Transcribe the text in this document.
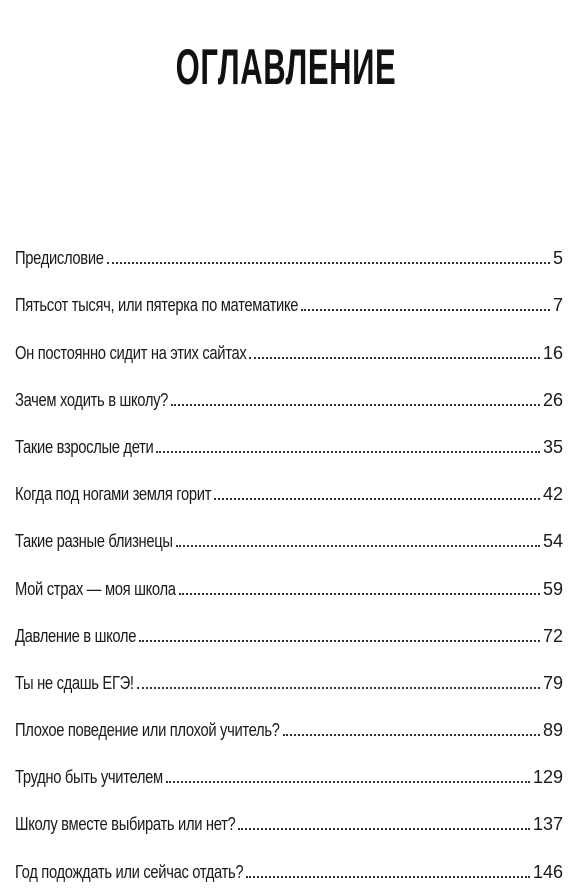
ОГЛАВЛЕНИЕ
Предисловие	5
Пятьсот тысяч, или пятерка по математике	7
Он постоянно сидит на этих сайтах	16
Зачем ходить в школу?	26
Такие взрослые дети	35
Когда под ногами земля горит	42
Такие разные близнецы	54
Мой страх — моя школа	59
Давление в школе	72
Ты не сдашь ЕГЭ!	79
Плохое поведение или плохой учитель?	89
Трудно быть учителем	129
Школу вместе выбирать или нет?	137
Год подождать или сейчас отдать?	146
